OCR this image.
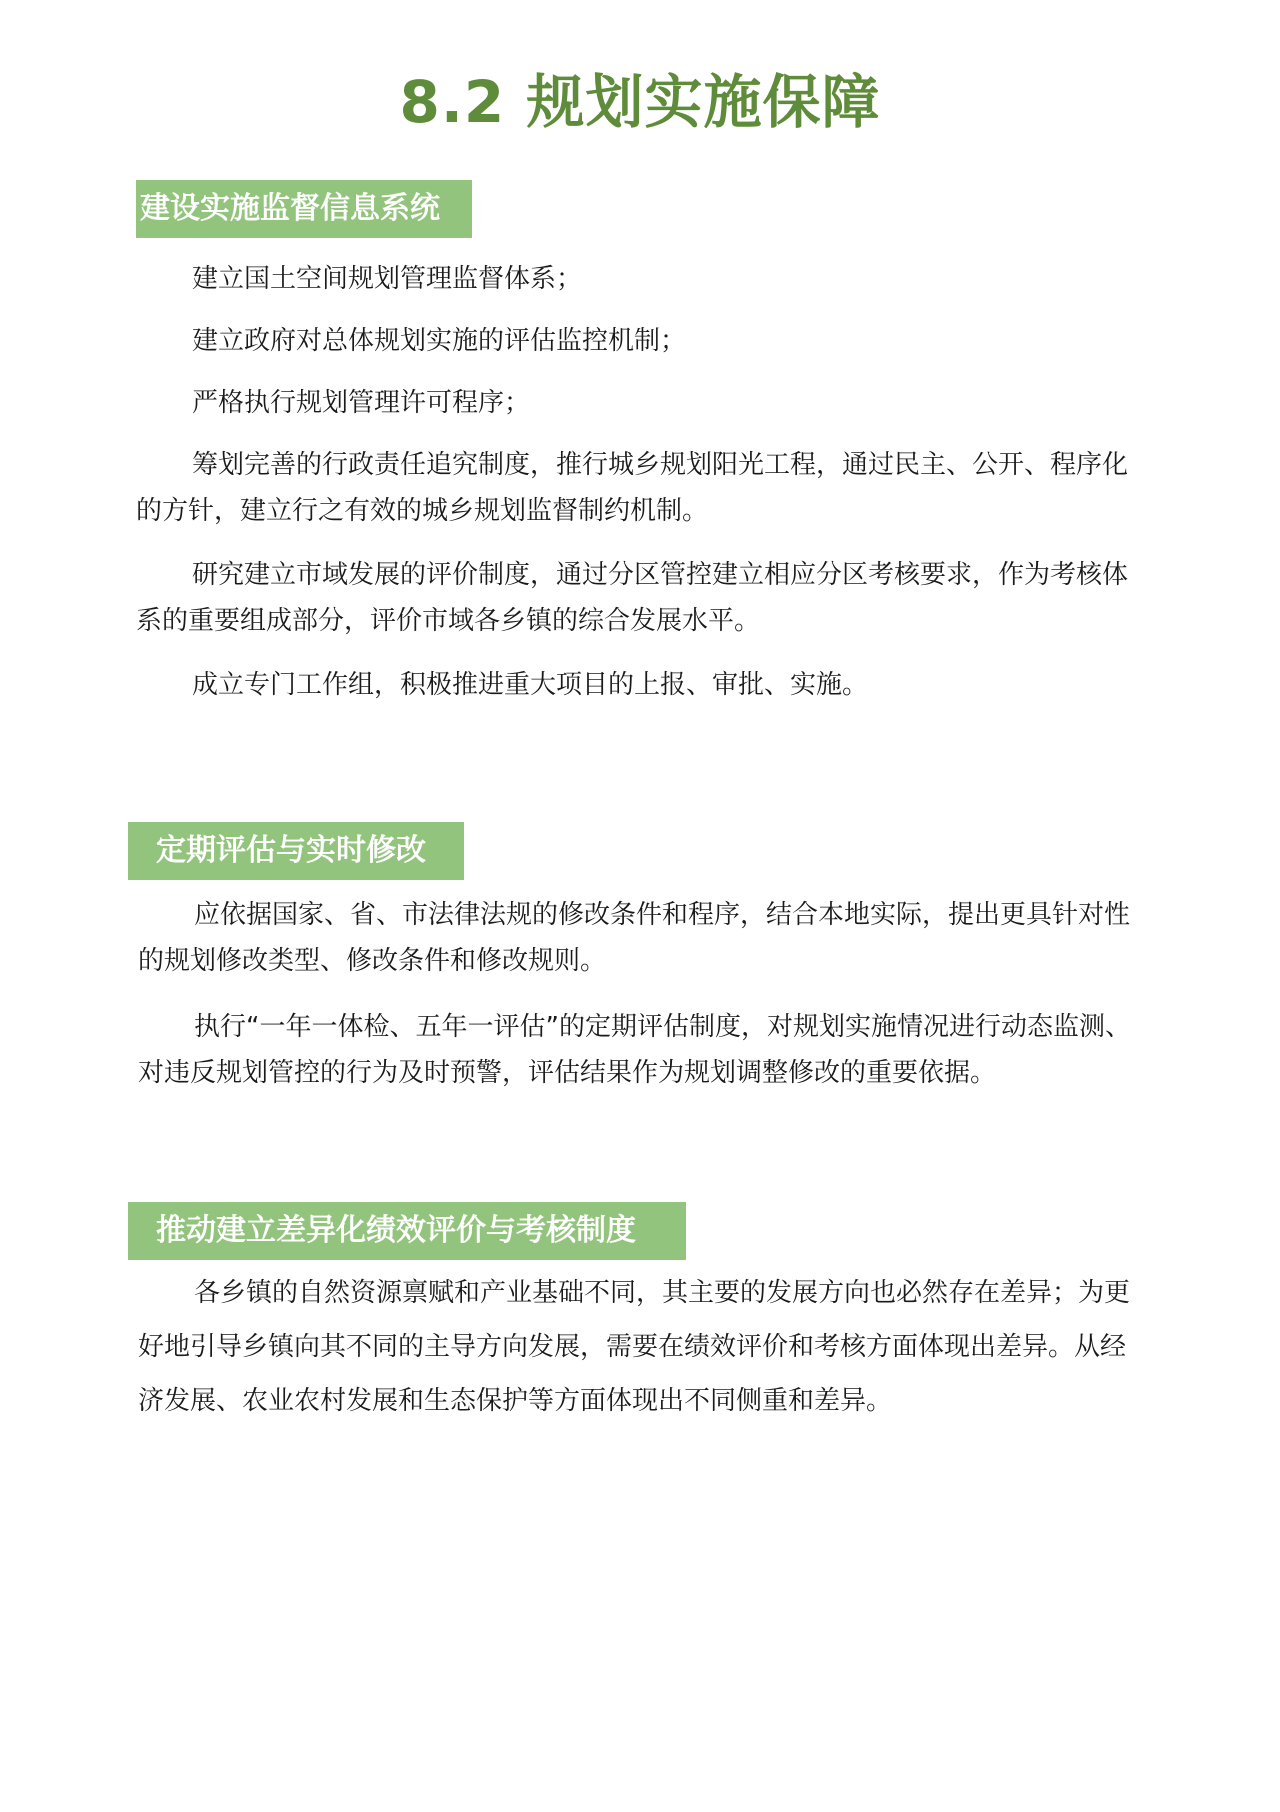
8.2 规划实施保障
建设实施监督信息系统

建立国土空间规划管理监督体系；

建立政府对总体规划实施的评估监控机制；

严格执行规划管理许可程序；

筹划完善的行政责任追究制度，推行城乡规划阳光工程，通过民主、公开、程序化的方针，建立行之有效的城乡规划监督制约机制。

研究建立市域发展的评价制度，通过分区管控建立相应分区考核要求，作为考核体系的重要组成部分，评价市域各乡镇的综合发展水平。

成立专门工作组，积极推进重大项目的上报、审批、实施。

定期评估与实时修改

应依据国家、省、市法律法规的修改条件和程序，结合本地实际，提出更具针对性的规划修改类型、修改条件和修改规则。

执行“一年一体检、五年一评估”的定期评估制度，对规划实施情况进行动态监测、对违反规划管控的行为及时预警，评估结果作为规划调整修改的重要依据。

推动建立差异化绩效评价与考核制度

各乡镇的自然资源禀赋和产业基础不同，其主要的发展方向也必然存在差异；为更好地引导乡镇向其不同的主导方向发展，需要在绩效评价和考核方面体现出差异。从经济发展、农业农村发展和生态保护等方面体现出不同侧重和差异。
